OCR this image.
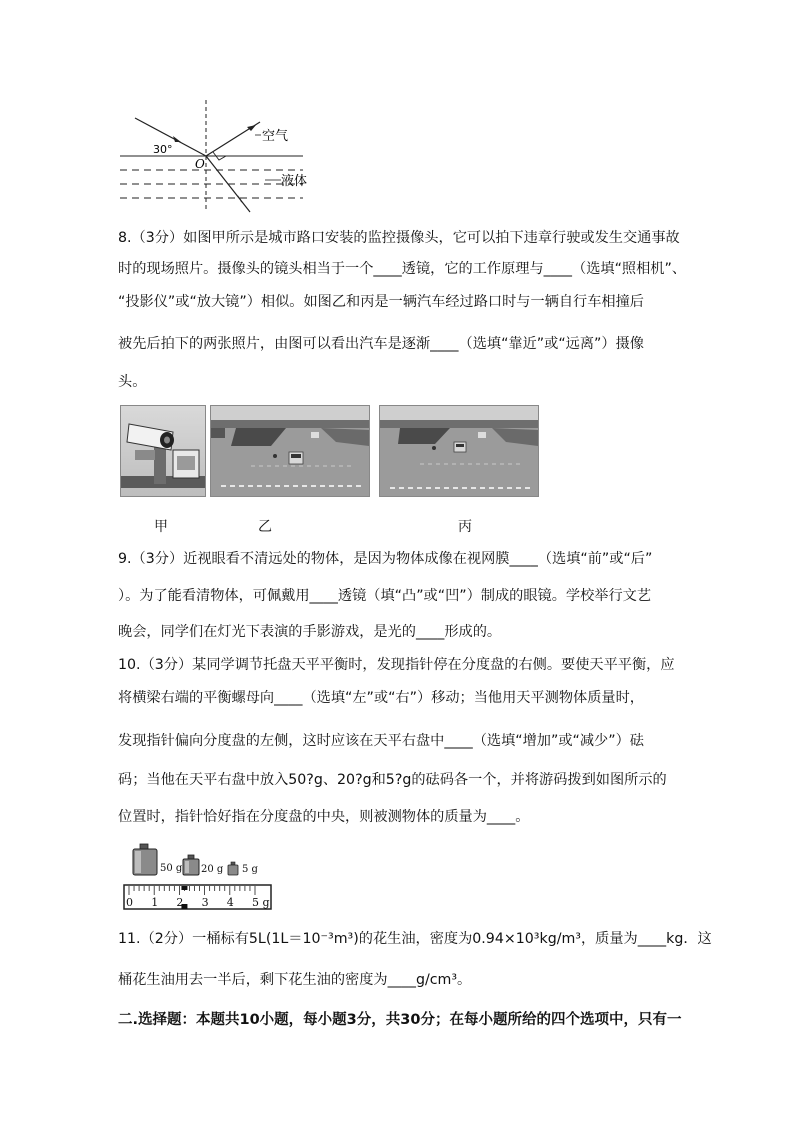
30°
O
空气
液体
8.（3分）如图甲所示是城市路口安装的监控摄像头，它可以拍下违章行驶或发生交通事故
时的现场照片。摄像头的镜头相当于一个____透镜，它的工作原理与____（选填“照相机”、
“投影仪”或“放大镜”）相似。如图乙和丙是一辆汽车经过路口时与一辆自行车相撞后
被先后拍下的两张照片，由图可以看出汽车是逐渐____（选填“靠近”或“远离”）摄像
头。
甲	乙	丙
9.（3分）近视眼看不清远处的物体，是因为物体成像在视网膜____（选填“前”或“后”
）。为了能看清物体，可佩戴用____透镜（填“凸”或“凹”）制成的眼镜。学校举行文艺
晚会，同学们在灯光下表演的手影游戏，是光的____形成的。
10.（3分）某同学调节托盘天平平衡时，发现指针停在分度盘的右侧。要使天平平衡，应
将横梁右端的平衡螺母向____（选填“左”或“右”）移动；当他用天平测物体质量时，
发现指针偏向分度盘的左侧，这时应该在天平右盘中____（选填“增加”或“减少”）砝
码；当他在天平右盘中放入50?g、20?g和5?g的砝码各一个，并将游码拨到如图所示的
位置时，指针恰好指在分度盘的中央，则被测物体的质量为____。
50 g 20 g 5 g
0 1 2 3 4 5 g
11.（2分）一桶标有5L(1L＝10⁻³m³)的花生油，密度为0.94×10³kg/m³，质量为____kg．这
桶花生油用去一半后，剩下花生油的密度为____g/cm³。
二.选择题：本题共10小题，每小题3分，共30分；在每小题所给的四个选项中，只有一
